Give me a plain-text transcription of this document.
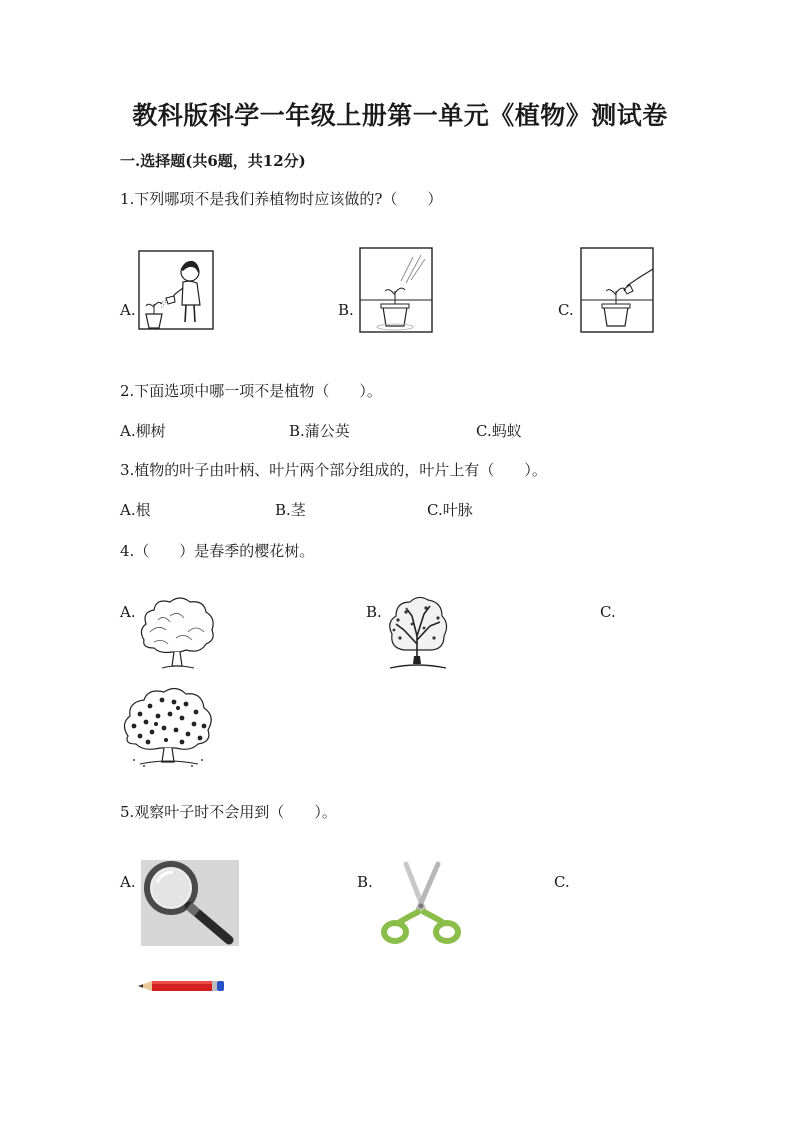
教科版科学一年级上册第一单元《植物》测试卷
一.选择题(共6题，共12分)
1.下列哪项不是我们养植物时应该做的?（　　）
A.	B.	C.
2.下面选项中哪一项不是植物（　　）。
A.柳树	B.蒲公英	C.蚂蚁
3.植物的叶子由叶柄、叶片两个部分组成的，叶片上有（　　）。
A.根	B.茎	C.叶脉
4.（　　）是春季的樱花树。
A.	B.	C.
5.观察叶子时不会用到（　　）。
A.	B.	C.
